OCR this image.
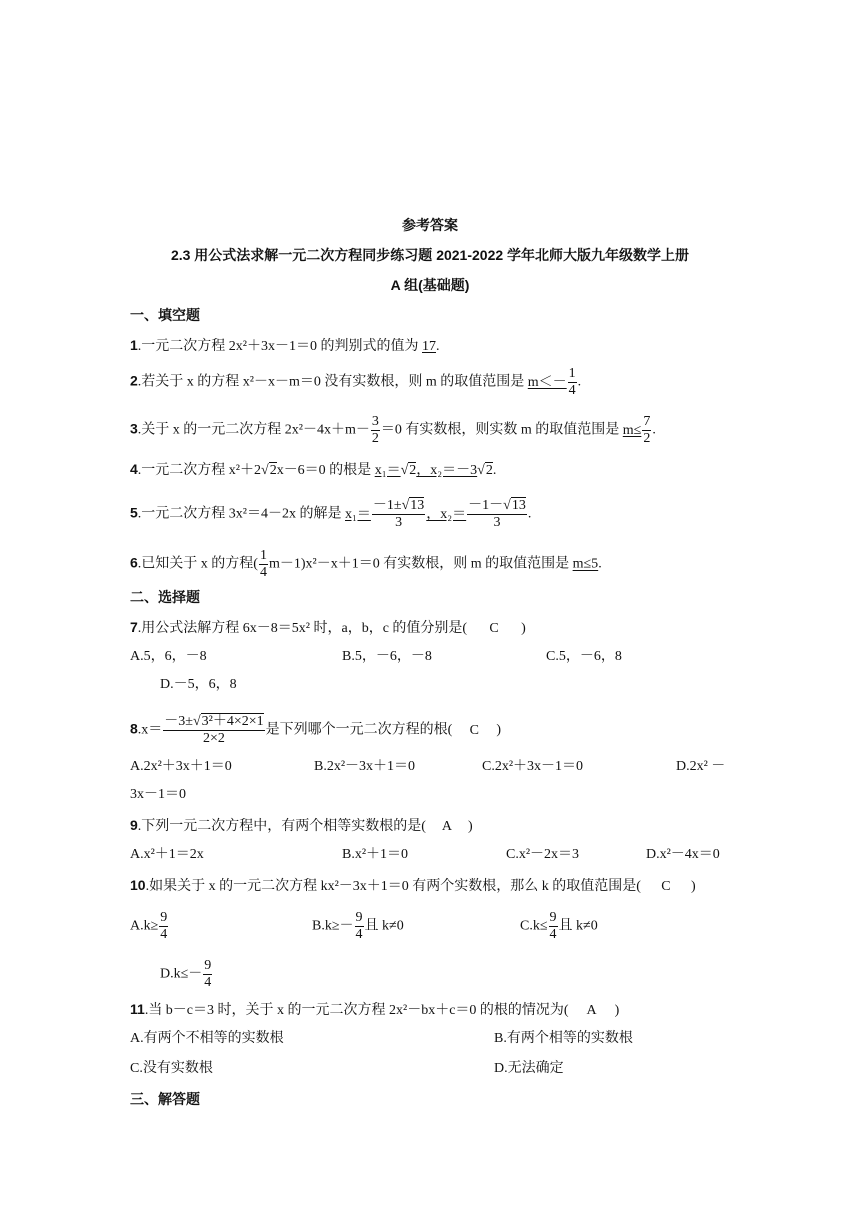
参考答案
2.3 用公式法求解一元二次方程同步练习题 2021-2022 学年北师大版九年级数学上册
A 组(基础题)
一、填空题
1.一元二次方程 2x²＋3x－1＝0 的判别式的值为 17.
2.若关于 x 的方程 x²－x－m＝0 没有实数根，则 m 的取值范围是 $m<- \frac{1}{4}$ .
3.关于 x 的一元二次方程 $2x^2-4x+m- \frac{3}{2} =0$ 有实数根，则实数 m 的取值范围是 $m\le \frac{7}{2}$ .
4.一元二次方程 x²＋2√2x－6＝0 的根是 x₁＝√2，x₂＝－3√2.
5.一元二次方程 3x²＝4－2x 的解是 $x_1= \frac{-1\pm√13}{3}$ ，$x_2= \frac{-1-√13}{3}$ .
6.已知关于 x 的方程( $\frac{1}{4} m-1)x^2-x+1=0$ 有实数根，则 m 的取值范围是 m≤5.
二、选择题
7.用公式法解方程 6x－8＝5x² 时，a，b，c 的值分别是( C )
A.5，6，－8	B.5，－6，－8	C.5，－6，8
D.－5，6，8
$8.x= \frac{\text{－3±√3²＋4×2×1}}{2\times 2}$ 是下列哪个一元二次方程的根( C )
A.2x²＋3x＋1＝0	B.2x²－3x＋1＝0	C.2x²＋3x－1＝0	D.2x² －
3x－1＝0
9.下列一元二次方程中，有两个相等实数根的是( A )
A.x²＋1＝2x	B.x²＋1＝0	C.x²－2x＝3	D.x²－4x＝0
10.如果关于 x 的一元二次方程 kx²－3x＋1＝0 有两个实数根，那么 k 的取值范围是( C )
$A.k\ge \frac{9}{4}$	$B.k\ge- \frac{9}{4}$ 且 k≠0	$C.k\le \frac{9}{4}$ 且 k≠0
$D.k\le- \frac{9}{4}$
11.当 b－c＝3 时，关于 x 的一元二次方程 2x²－bx＋c＝0 的根的情况为( A )
A.有两个不相等的实数根	B.有两个相等的实数根
C.没有实数根	D.无法确定
三、解答题
